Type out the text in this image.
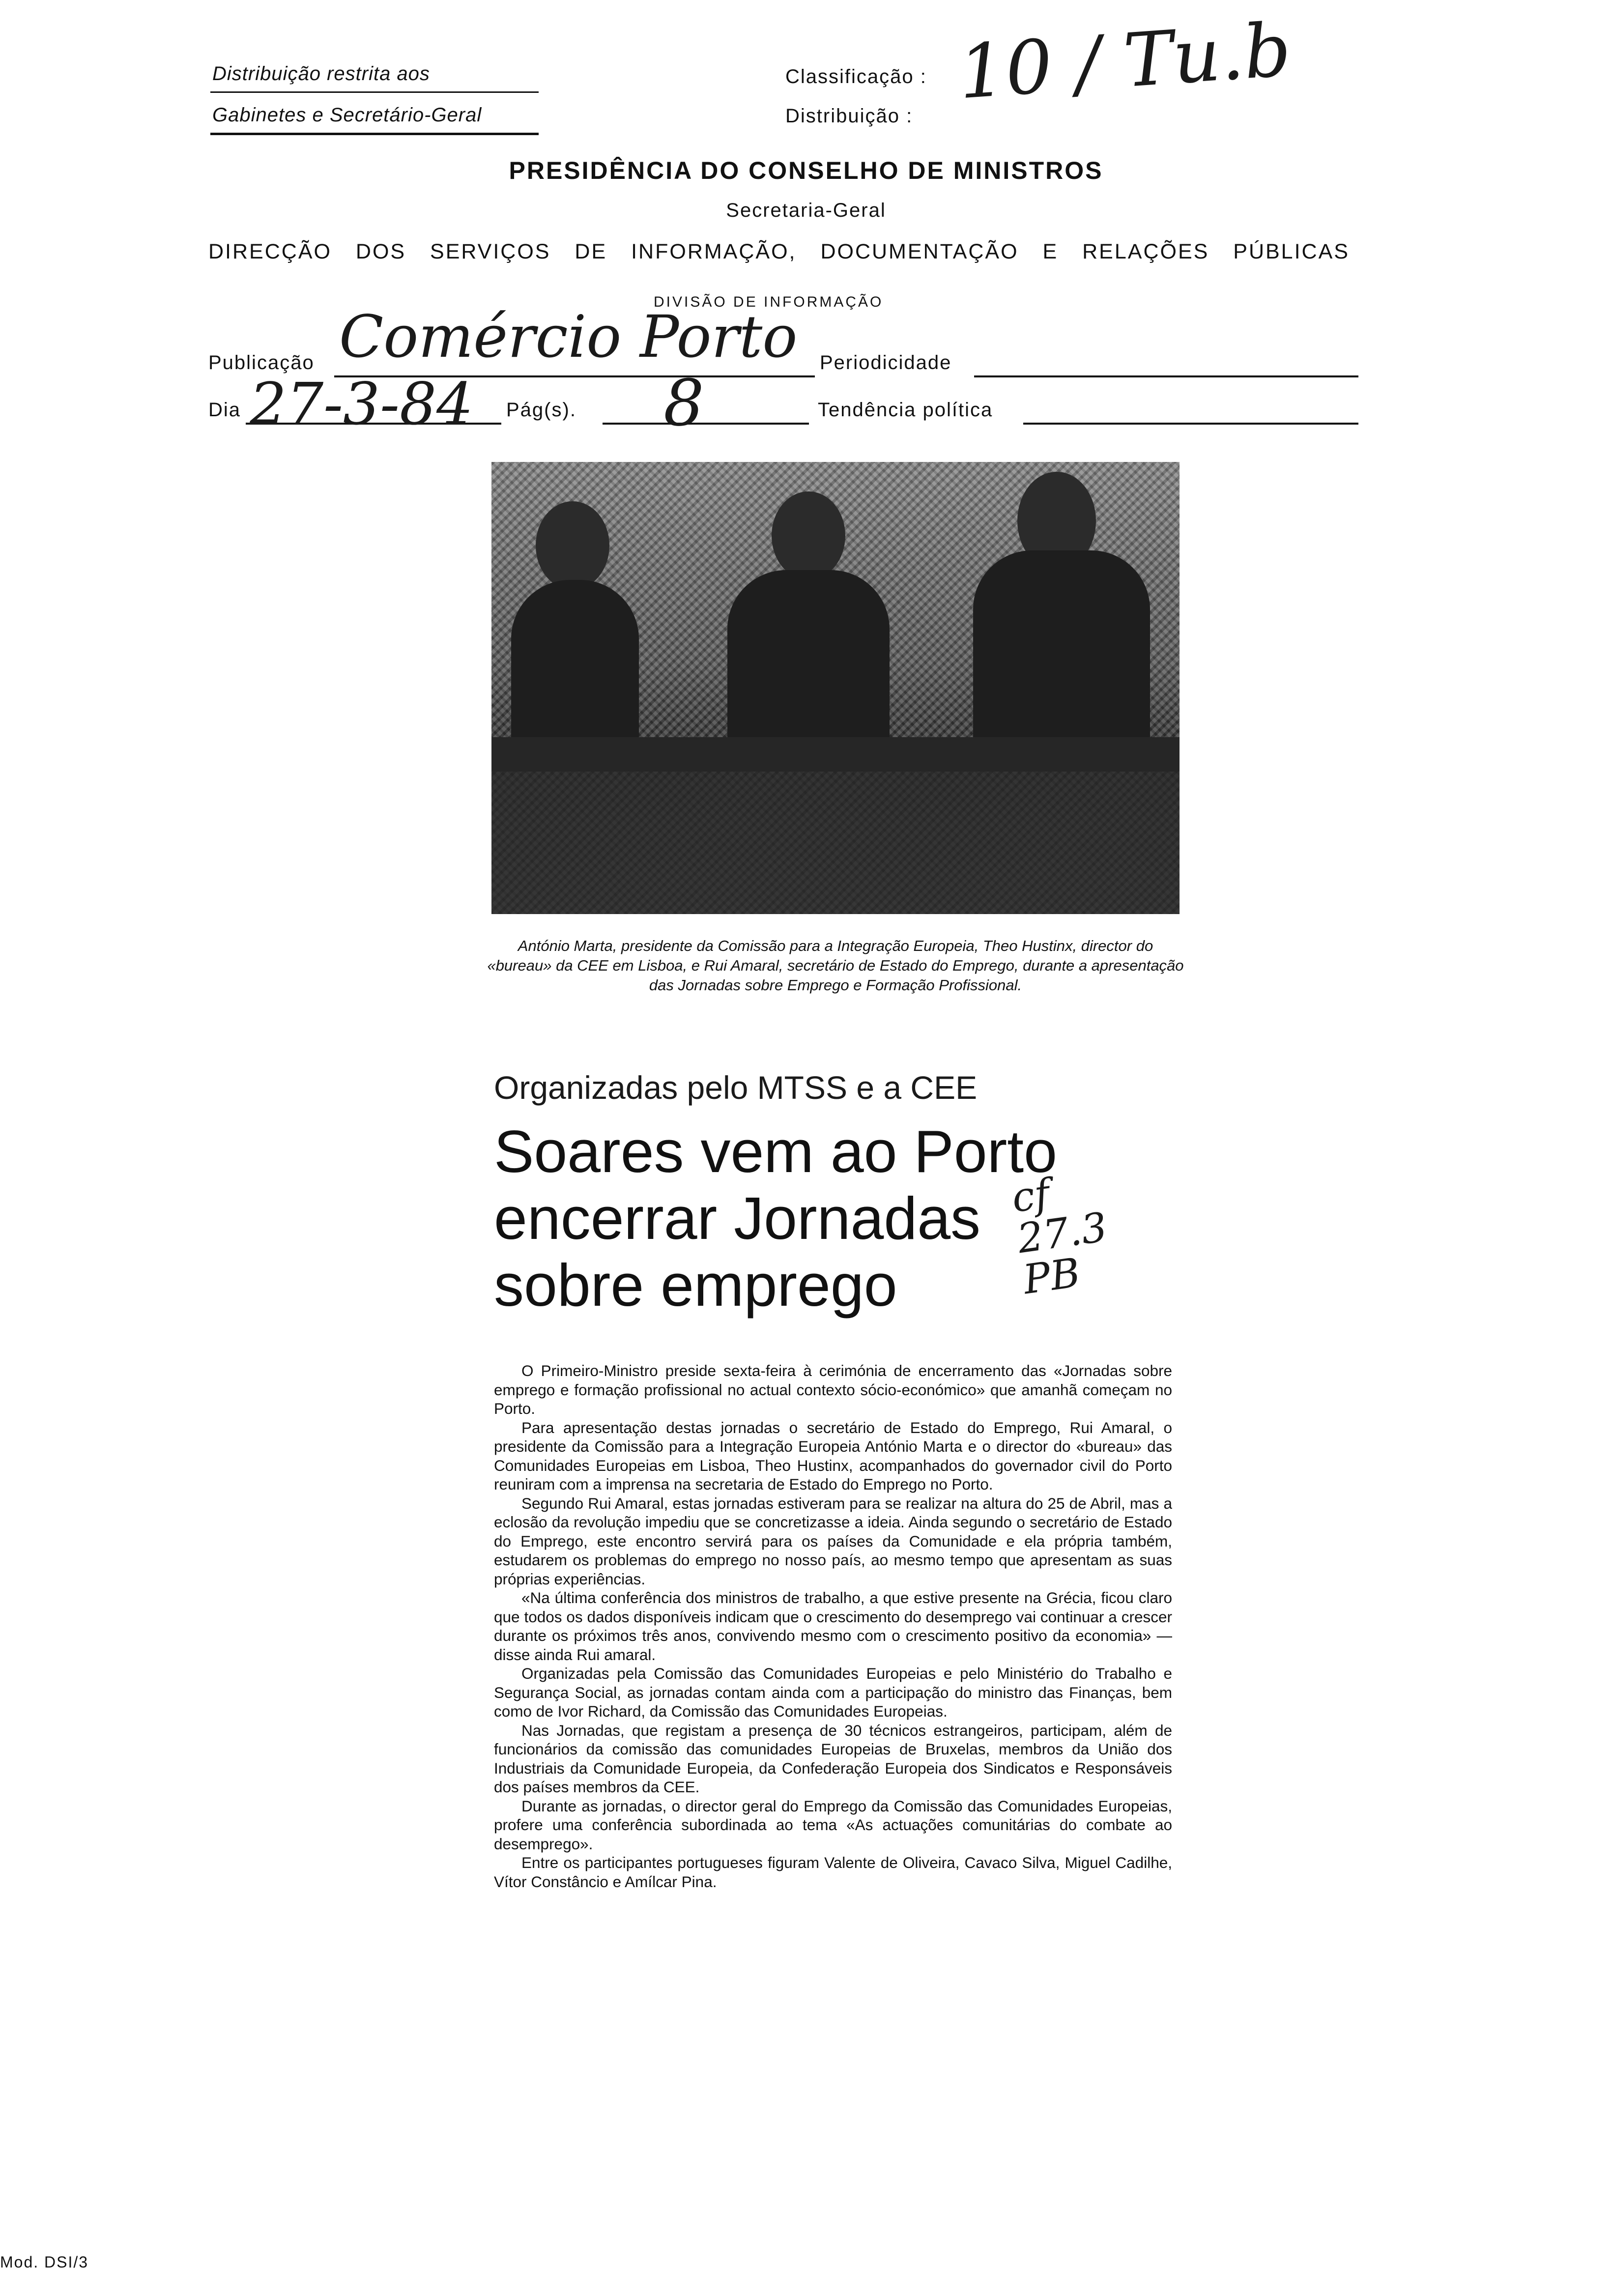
Distribuição restrita aos
Gabinetes e Secretário-Geral
Classificação :
Distribuição :
10 / Tu.b
PRESIDÊNCIA DO CONSELHO DE MINISTROS
Secretaria-Geral
DIRECÇÃO DOS SERVIÇOS DE INFORMAÇÃO, DOCUMENTAÇÃO E RELAÇÕES PÚBLICAS
DIVISÃO DE INFORMAÇÃO
Publicação Comércio Porto Periodicidade
Dia 27-3-84 Pág(s). 8	Tendência política
António Marta, presidente da Comissão para a Integração Europeia, Theo Hustinx, director do «bureau» da CEE em Lisboa, e Rui Amaral, secretário de Estado do Emprego, durante a apresentação das Jornadas sobre Emprego e Formação Profissional.
Organizadas pelo MTSS e a CEE
Soares vem ao Porto
encerrar Jornadas
sobre emprego
cf 27.3 PB

O Primeiro-Ministro preside sexta-feira à cerimónia de encerramento das «Jornadas sobre emprego e formação profissional no actual contexto sócio-económico» que amanhã começam no Porto.

Para apresentação destas jornadas o secretário de Estado do Emprego, Rui Amaral, o presidente da Comissão para a Integração Europeia António Marta e o director do «bureau» das Comunidades Europeias em Lisboa, Theo Hustinx, acompanhados do governador civil do Porto reuniram com a imprensa na secretaria de Estado do Emprego no Porto.

Segundo Rui Amaral, estas jornadas estiveram para se realizar na altura do 25 de Abril, mas a eclosão da revolução impediu que se concretizasse a ideia. Ainda segundo o secretário de Estado do Emprego, este encontro servirá para os países da Comunidade e ela própria também, estudarem os problemas do emprego no nosso país, ao mesmo tempo que apresentam as suas próprias experiências.

«Na última conferência dos ministros de trabalho, a que estive presente na Grécia, ficou claro que todos os dados disponíveis indicam que o crescimento do desemprego vai continuar a crescer durante os próximos três anos, convivendo mesmo com o crescimento positivo da economia» — disse ainda Rui amaral.

Organizadas pela Comissão das Comunidades Europeias e pelo Ministério do Trabalho e Segurança Social, as jornadas contam ainda com a participação do ministro das Finanças, bem como de Ivor Richard, da Comissão das Comunidades Europeias.

Nas Jornadas, que registam a presença de 30 técnicos estrangeiros, participam, além de funcionários da comissão das comunidades Europeias de Bruxelas, membros da União dos Industriais da Comunidade Europeia, da Confederação Europeia dos Sindicatos e Responsáveis dos países membros da CEE.

Durante as jornadas, o director geral do Emprego da Comissão das Comunidades Europeias, profere uma conferência subordinada ao tema «As actuações comunitárias do combate ao desemprego».

Entre os participantes portugueses figuram Valente de Oliveira, Cavaco Silva, Miguel Cadilhe, Vítor Constâncio e Amílcar Pina.

Mod. DSI/3
